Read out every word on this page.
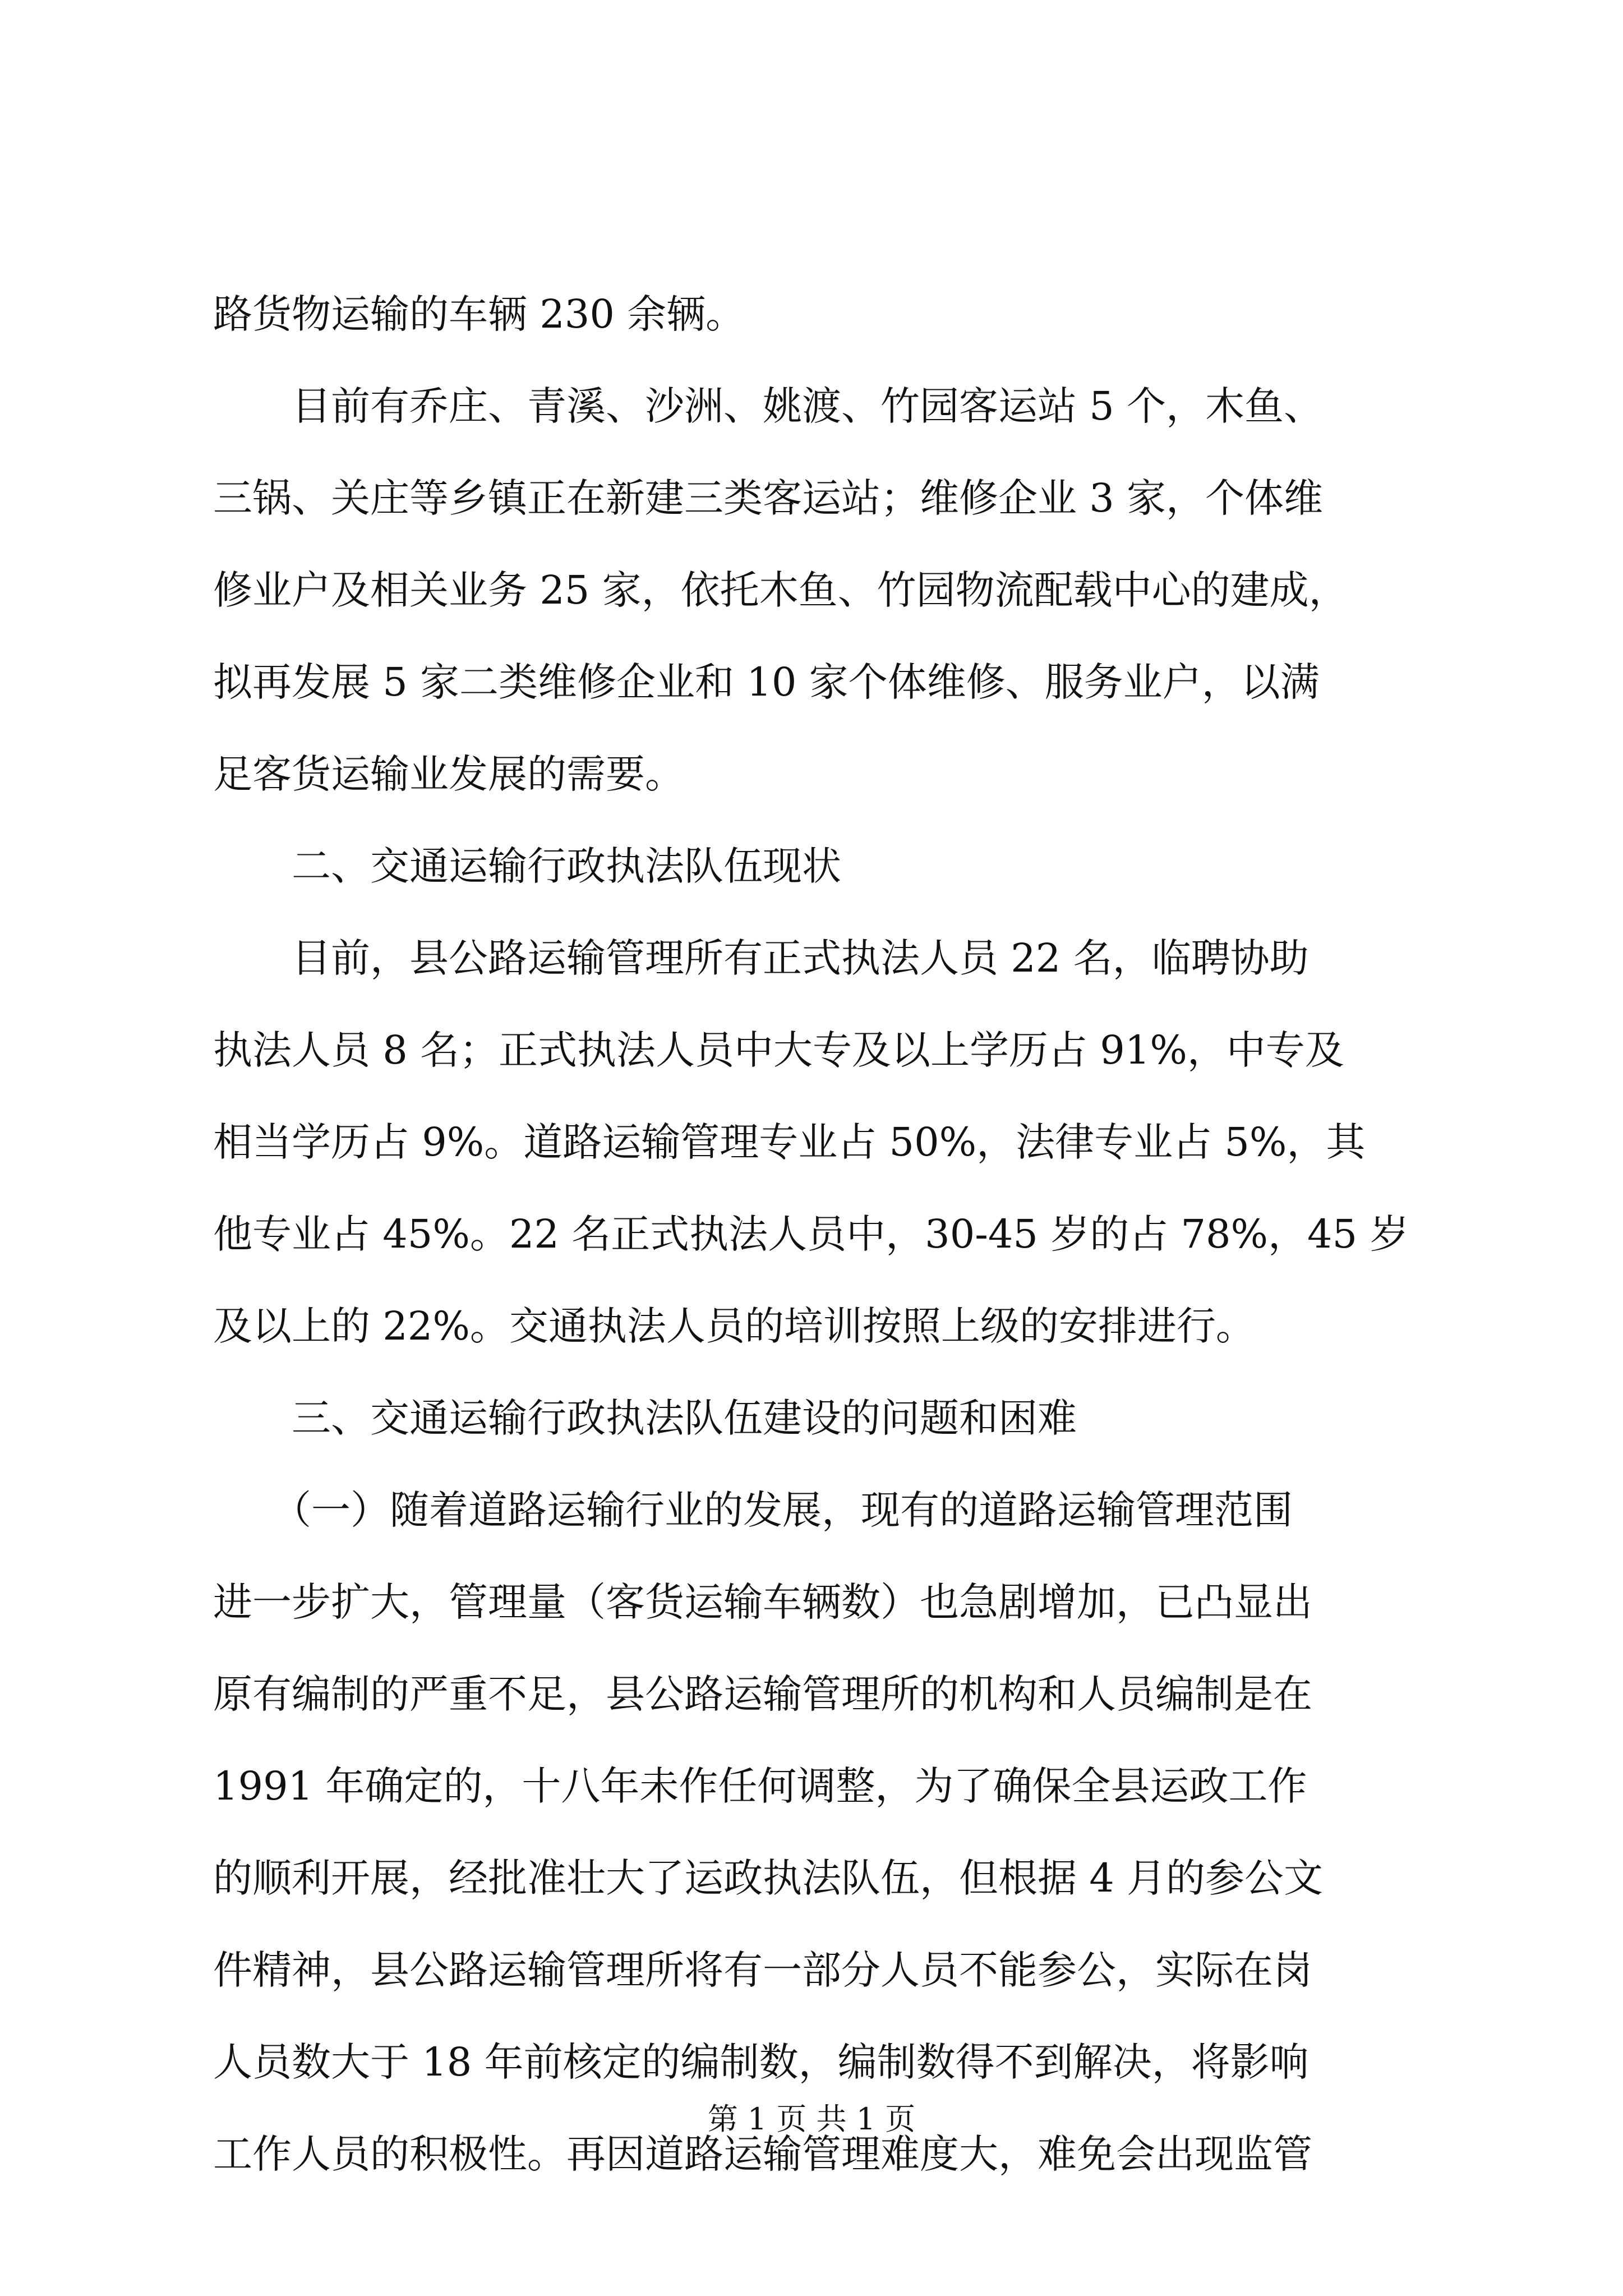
路货物运输的车辆 230 余辆。
　　目前有乔庄、青溪、沙洲、姚渡、竹园客运站 5 个，木鱼、
三锅、关庄等乡镇正在新建三类客运站；维修企业 3 家，个体维
修业户及相关业务 25 家，依托木鱼、竹园物流配载中心的建成，
拟再发展 5 家二类维修企业和 10 家个体维修、服务业户，以满
足客货运输业发展的需要。
　　二、交通运输行政执法队伍现状
　　目前，县公路运输管理所有正式执法人员 22 名，临聘协助
执法人员 8 名；正式执法人员中大专及以上学历占 91%，中专及
相当学历占 9%。道路运输管理专业占 50%，法律专业占 5%，其
他专业占 45%。22 名正式执法人员中，30-45 岁的占 78%，45 岁
及以上的 22%。交通执法人员的培训按照上级的安排进行。
　　三、交通运输行政执法队伍建设的问题和困难
　　（一）随着道路运输行业的发展，现有的道路运输管理范围
进一步扩大，管理量（客货运输车辆数）也急剧增加，已凸显出
原有编制的严重不足，县公路运输管理所的机构和人员编制是在
1991 年确定的，十八年未作任何调整，为了确保全县运政工作
的顺利开展，经批准壮大了运政执法队伍，但根据 4 月的参公文
件精神，县公路运输管理所将有一部分人员不能参公，实际在岗
人员数大于 18 年前核定的编制数，编制数得不到解决，将影响
工作人员的积极性。再因道路运输管理难度大，难免会出现监管
第 1 页 共 1 页
